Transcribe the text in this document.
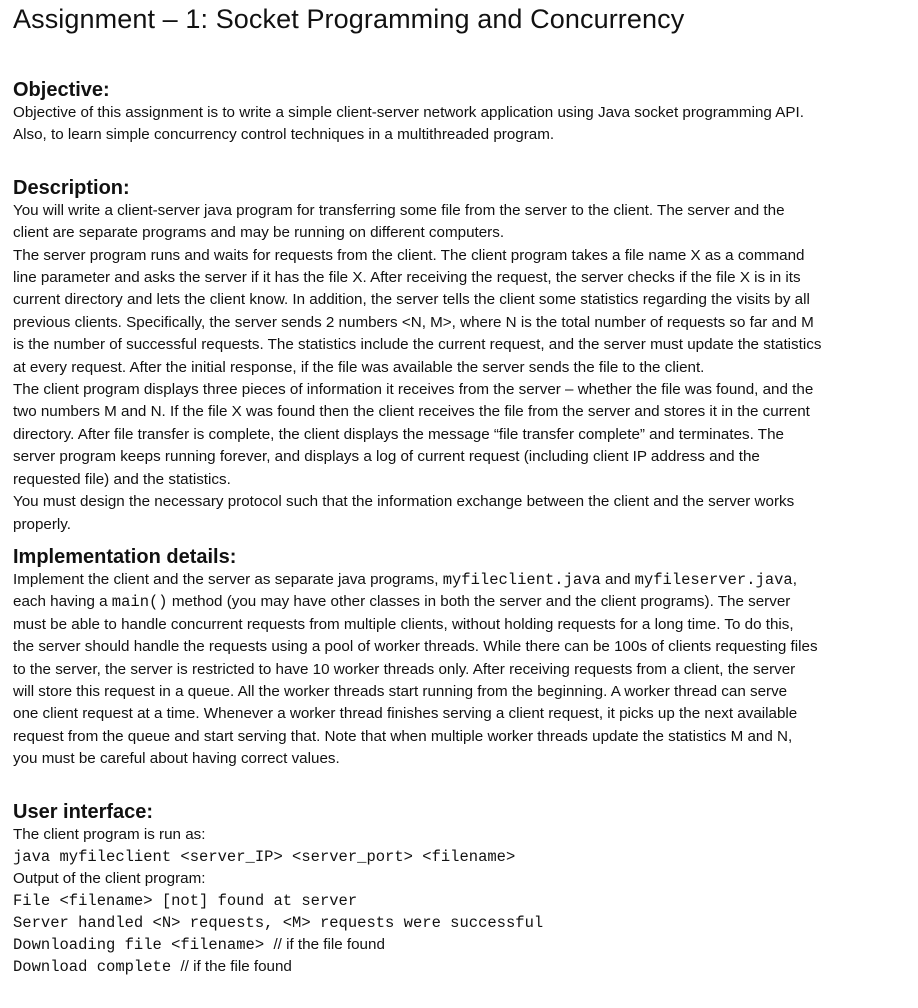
Assignment – 1: Socket Programming and Concurrency
Objective:

Objective of this assignment is to write a simple client-server network application using Java socket programming API.

Also, to learn simple concurrency control techniques in a multithreaded program.

Description:

You will write a client-server java program for transferring some file from the server to the client. The server and the

client are separate programs and may be running on different computers.

The server program runs and waits for requests from the client. The client program takes a file name X as a command

line parameter and asks the server if it has the file X. After receiving the request, the server checks if the file X is in its

current directory and lets the client know. In addition, the server tells the client some statistics regarding the visits by all

previous clients. Specifically, the server sends 2 numbers <N, M>, where N is the total number of requests so far and M

is the number of successful requests. The statistics include the current request, and the server must update the statistics

at every request. After the initial response, if the file was available the server sends the file to the client.

The client program displays three pieces of information it receives from the server – whether the file was found, and the

two numbers M and N. If the file X was found then the client receives the file from the server and stores it in the current

directory. After file transfer is complete, the client displays the message “file transfer complete” and terminates. The

server program keeps running forever, and displays a log of current request (including client IP address and the

requested file) and the statistics.

You must design the necessary protocol such that the information exchange between the client and the server works

properly.

Implementation details:

Implement the client and the server as separate java programs, myfileclient.java and myfileserver.java,

each having a main() method (you may have other classes in both the server and the client programs). The server

must be able to handle concurrent requests from multiple clients, without holding requests for a long time. To do this,

the server should handle the requests using a pool of worker threads. While there can be 100s of clients requesting files

to the server, the server is restricted to have 10 worker threads only. After receiving requests from a client, the server

will store this request in a queue. All the worker threads start running from the beginning. A worker thread can serve

one client request at a time. Whenever a worker thread finishes serving a client request, it picks up the next available

request from the queue and start serving that. Note that when multiple worker threads update the statistics M and N,

you must be careful about having correct values.

User interface:

The client program is run as:

java myfileclient <server_IP> <server_port> <filename>

Output of the client program:

File <filename> [not] found at server

Server handled <N> requests, <M> requests were successful

Downloading file <filename> // if the file found

Download complete // if the file found
